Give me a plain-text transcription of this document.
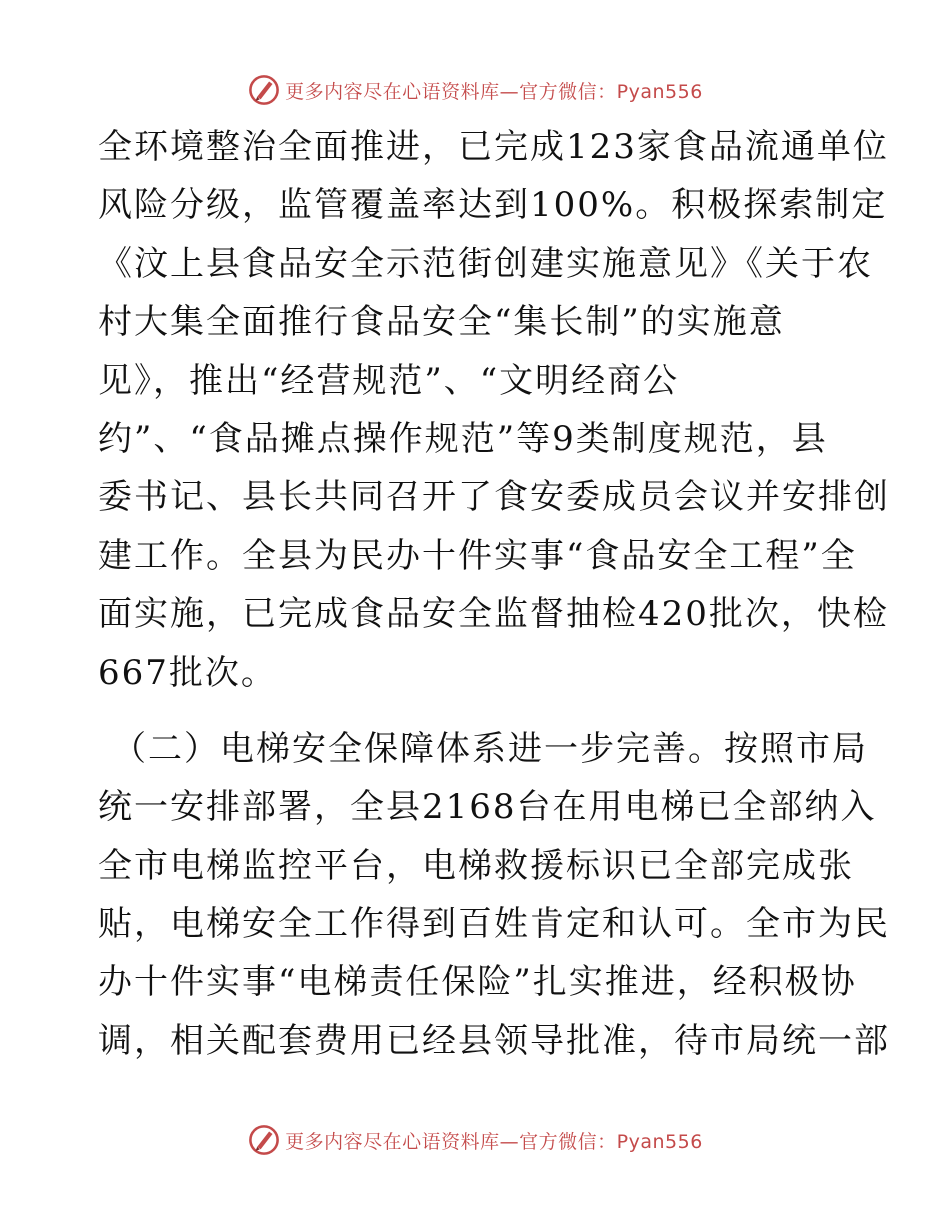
更多内容尽在心语资料库—官方微信：Pyan556
全环境整治全面推进，已完成123家食品流通单位
风险分级，监管覆盖率达到100%。积极探索制定
《汶上县食品安全示范街创建实施意见》《关于农
村大集全面推行食品安全“集长制”的实施意
见》，推出“经营规范”、“文明经商公
约”、“食品摊点操作规范”等9类制度规范，县
委书记、县长共同召开了食安委成员会议并安排创
建工作。全县为民办十件实事“食品安全工程”全
面实施，已完成食品安全监督抽检420批次，快检
667批次。
（二）电梯安全保障体系进一步完善。按照市局
统一安排部署，全县2168台在用电梯已全部纳入
全市电梯监控平台，电梯救援标识已全部完成张
贴，电梯安全工作得到百姓肯定和认可。全市为民
办十件实事“电梯责任保险”扎实推进，经积极协
调，相关配套费用已经县领导批准，待市局统一部
更多内容尽在心语资料库—官方微信：Pyan556
